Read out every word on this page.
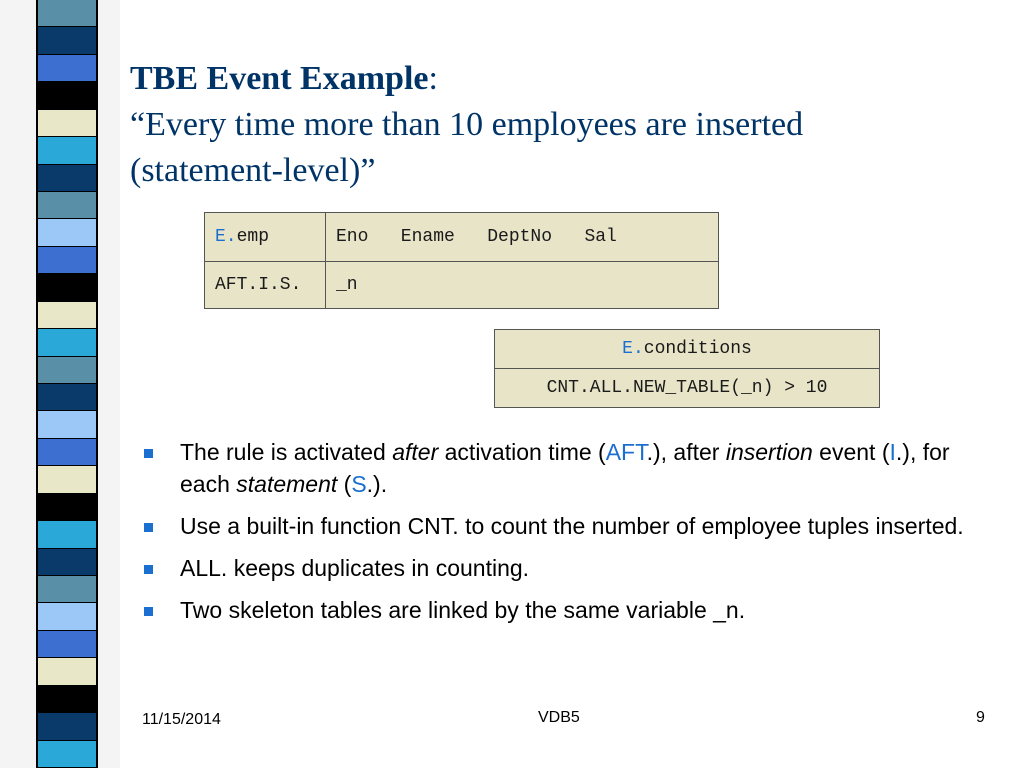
TBE Event Example:
“Every time more than 10 employees are inserted
(statement-level)”
E.emp	Eno   Ename   DeptNo   Sal
AFT.I.S.	_n
E.conditions
CNT.ALL.NEW_TABLE(_n) > 10
The rule is activated after activation time (AFT.), after insertion event (I.), for each statement (S.).
Use a built-in function CNT. to count the number of employee tuples inserted.
ALL. keeps duplicates in counting.
Two skeleton tables are linked by the same variable _n.
11/15/2014	VDB5	9
